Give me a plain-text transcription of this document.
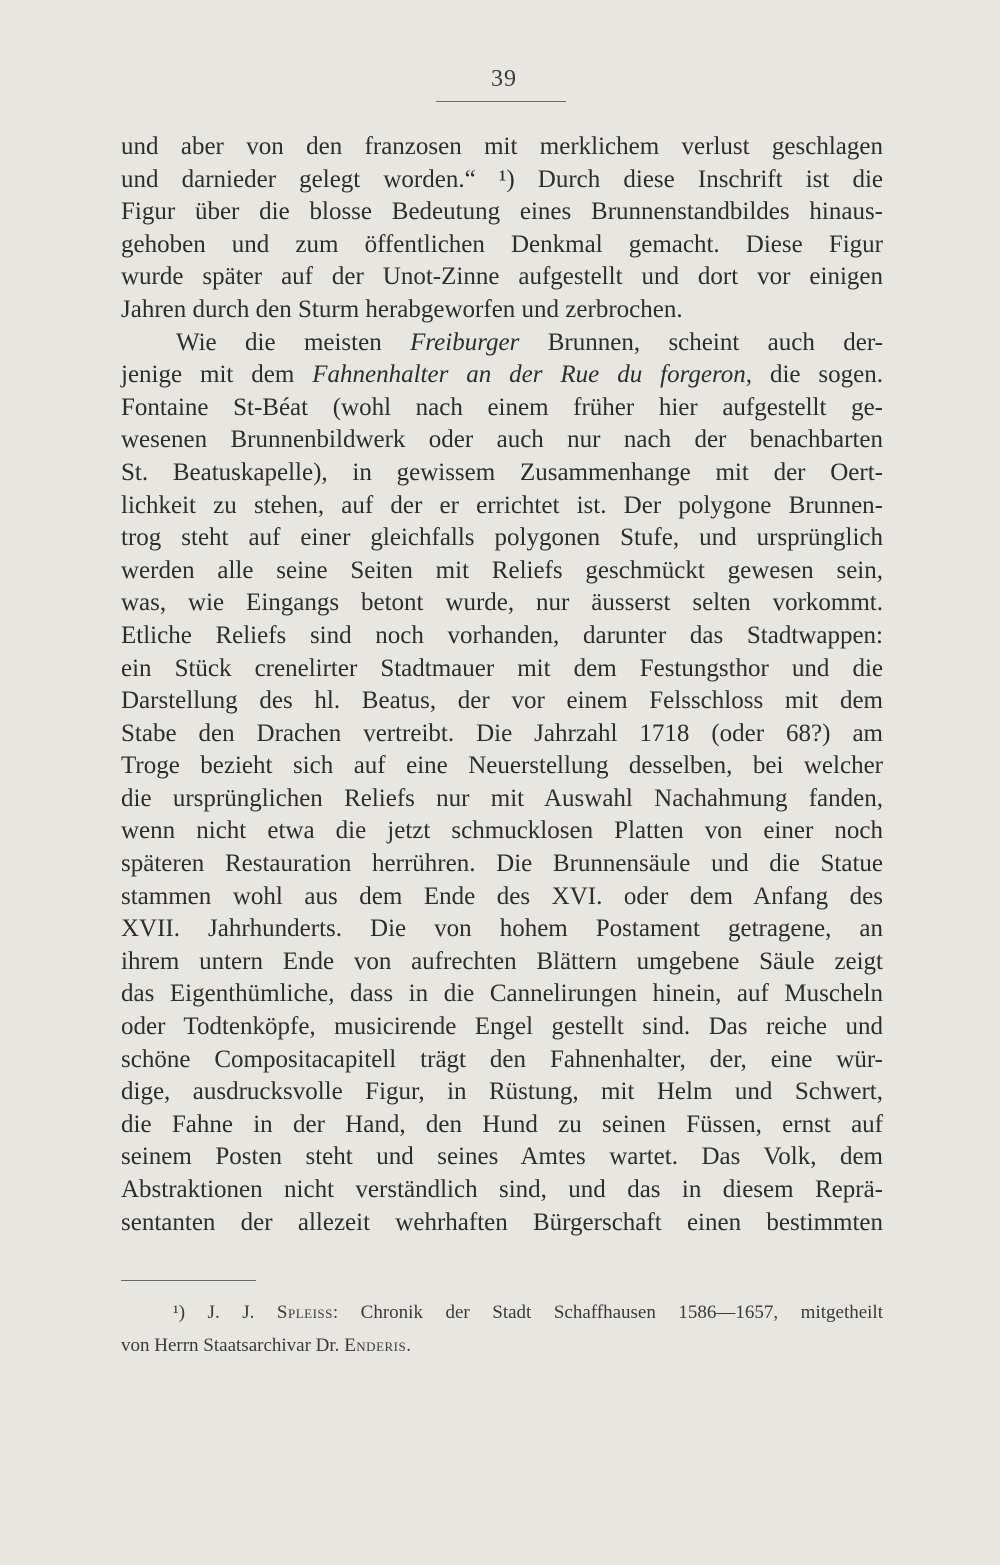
39
und aber von den franzosen mit merklichem verlust geschlagen
und darnieder gelegt worden.“ ¹) Durch diese Inschrift ist die
Figur über die blosse Bedeutung eines Brunnenstandbildes hinaus-
gehoben und zum öffentlichen Denkmal gemacht. Diese Figur
wurde später auf der Unot-Zinne aufgestellt und dort vor einigen
Jahren durch den Sturm herabgeworfen und zerbrochen.
Wie die meisten Freiburger Brunnen, scheint auch der-
jenige mit dem Fahnenhalter an der Rue du forgeron, die sogen.
Fontaine St-Béat (wohl nach einem früher hier aufgestellt ge-
wesenen Brunnenbildwerk oder auch nur nach der benachbarten
St. Beatuskapelle), in gewissem Zusammenhange mit der Oert-
lichkeit zu stehen, auf der er errichtet ist. Der polygone Brunnen-
trog steht auf einer gleichfalls polygonen Stufe, und ursprünglich
werden alle seine Seiten mit Reliefs geschmückt gewesen sein,
was, wie Eingangs betont wurde, nur äusserst selten vorkommt.
Etliche Reliefs sind noch vorhanden, darunter das Stadtwappen:
ein Stück crenelirter Stadtmauer mit dem Festungsthor und die
Darstellung des hl. Beatus, der vor einem Felsschloss mit dem
Stabe den Drachen vertreibt. Die Jahrzahl 1718 (oder 68?) am
Troge bezieht sich auf eine Neuerstellung desselben, bei welcher
die ursprünglichen Reliefs nur mit Auswahl Nachahmung fanden,
wenn nicht etwa die jetzt schmucklosen Platten von einer noch
späteren Restauration herrühren. Die Brunnensäule und die Statue
stammen wohl aus dem Ende des XVI. oder dem Anfang des
XVII. Jahrhunderts. Die von hohem Postament getragene, an
ihrem untern Ende von aufrechten Blättern umgebene Säule zeigt
das Eigenthümliche, dass in die Cannelirungen hinein, auf Muscheln
oder Todtenköpfe, musicirende Engel gestellt sind. Das reiche und
schöne Compositacapitell trägt den Fahnenhalter, der, eine wür-
dige, ausdrucksvolle Figur, in Rüstung, mit Helm und Schwert,
die Fahne in der Hand, den Hund zu seinen Füssen, ernst auf
seinem Posten steht und seines Amtes wartet. Das Volk, dem
Abstraktionen nicht verständlich sind, und das in diesem Reprä-
sentanten der allezeit wehrhaften Bürgerschaft einen bestimmten
¹) J. J. Spleiss: Chronik der Stadt Schaffhausen 1586—1657, mitgetheilt
von Herrn Staatsarchivar Dr. Enderis.
